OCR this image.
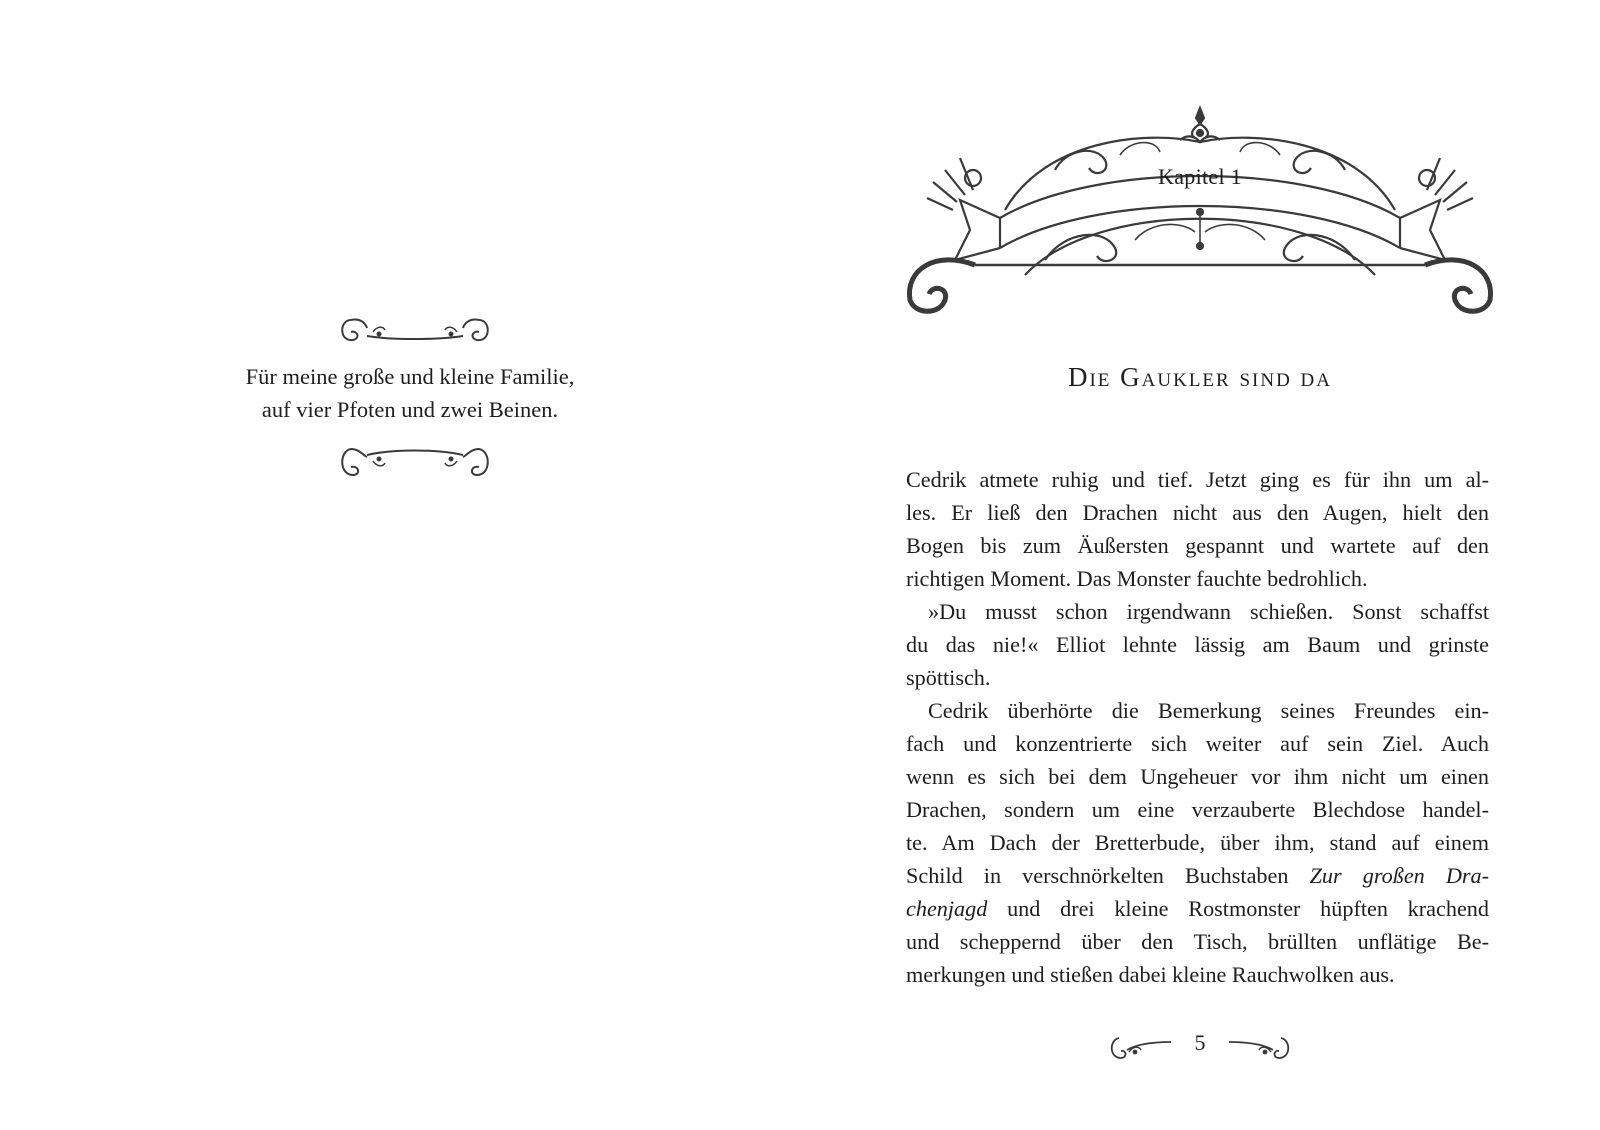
Für meine große und kleine Familie,
auf vier Pfoten und zwei Beinen.
Kapitel 1
Die Gaukler sind da
Cedrik atmete ruhig und tief. Jetzt ging es für ihn um al-
les. Er ließ den Drachen nicht aus den Augen, hielt den
Bogen bis zum Äußersten gespannt und wartete auf den
richtigen Moment. Das Monster fauchte bedrohlich.
»Du musst schon irgendwann schießen. Sonst schaffst
du das nie!« Elliot lehnte lässig am Baum und grinste
spöttisch.
Cedrik überhörte die Bemerkung seines Freundes ein-
fach und konzentrierte sich weiter auf sein Ziel. Auch
wenn es sich bei dem Ungeheuer vor ihm nicht um einen
Drachen, sondern um eine verzauberte Blechdose handel-
te. Am Dach der Bretterbude, über ihm, stand auf einem
Schild in verschnörkelten Buchstaben Zur großen Dra-
chenjagd und drei kleine Rostmonster hüpften krachend
und scheppernd über den Tisch, brüllten unflätige Be-
merkungen und stießen dabei kleine Rauchwolken aus.
5
